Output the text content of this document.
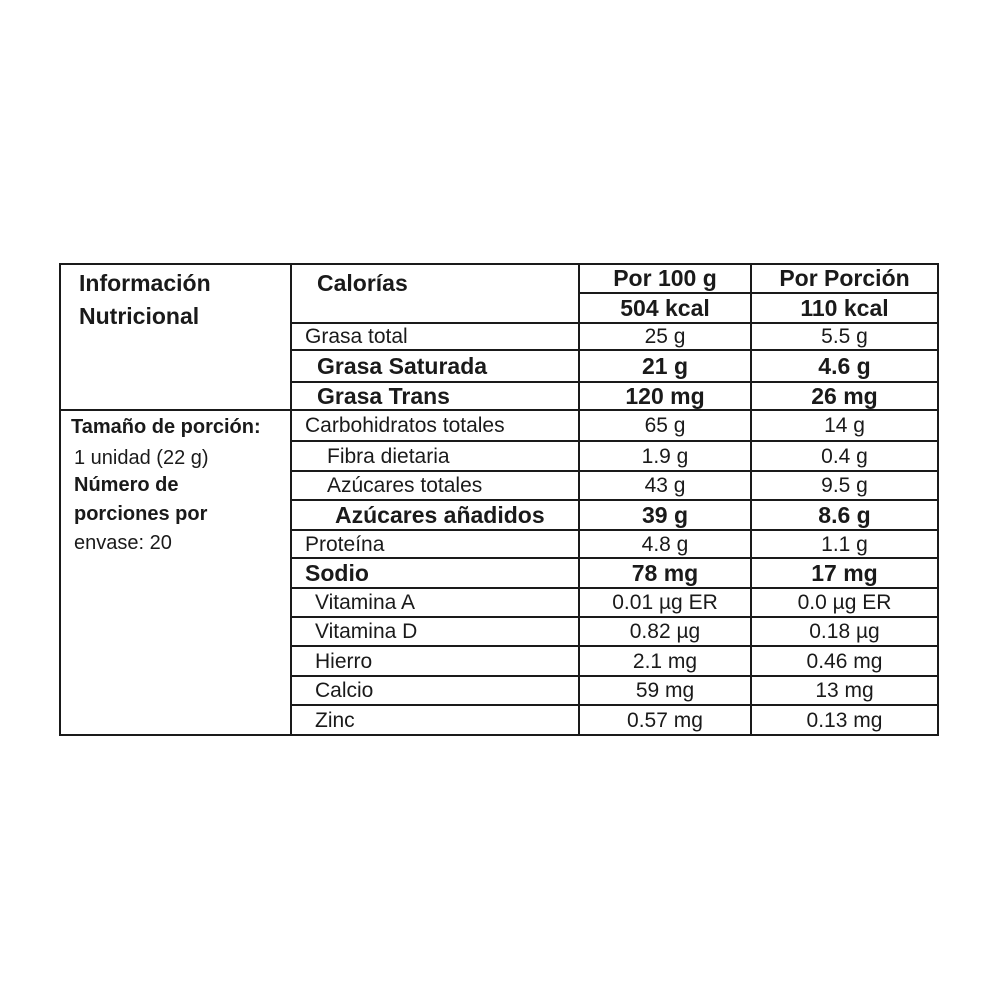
Información
Nutricional
Tamaño de porción:
1 unidad (22 g)
Número de
porciones por
envase: 20
Calorías	Por 100 g	Por Porción
504 kcal	110 kcal
Grasa total	25 g	5.5 g
Grasa Saturada	21 g	4.6 g
Grasa Trans	120 mg	26 mg
Carbohidratos totales	65 g	14 g
Fibra dietaria	1.9 g	0.4 g
Azúcares totales	43 g	9.5 g
Azúcares añadidos	39 g	8.6 g
Proteína	4.8 g	1.1 g
Sodio	78 mg	17 mg
Vitamina A	0.01 µg ER	0.0 µg ER
Vitamina D	0.82 µg	0.18 µg
Hierro	2.1 mg	0.46 mg
Calcio	59 mg	13 mg
Zinc	0.57 mg	0.13 mg
